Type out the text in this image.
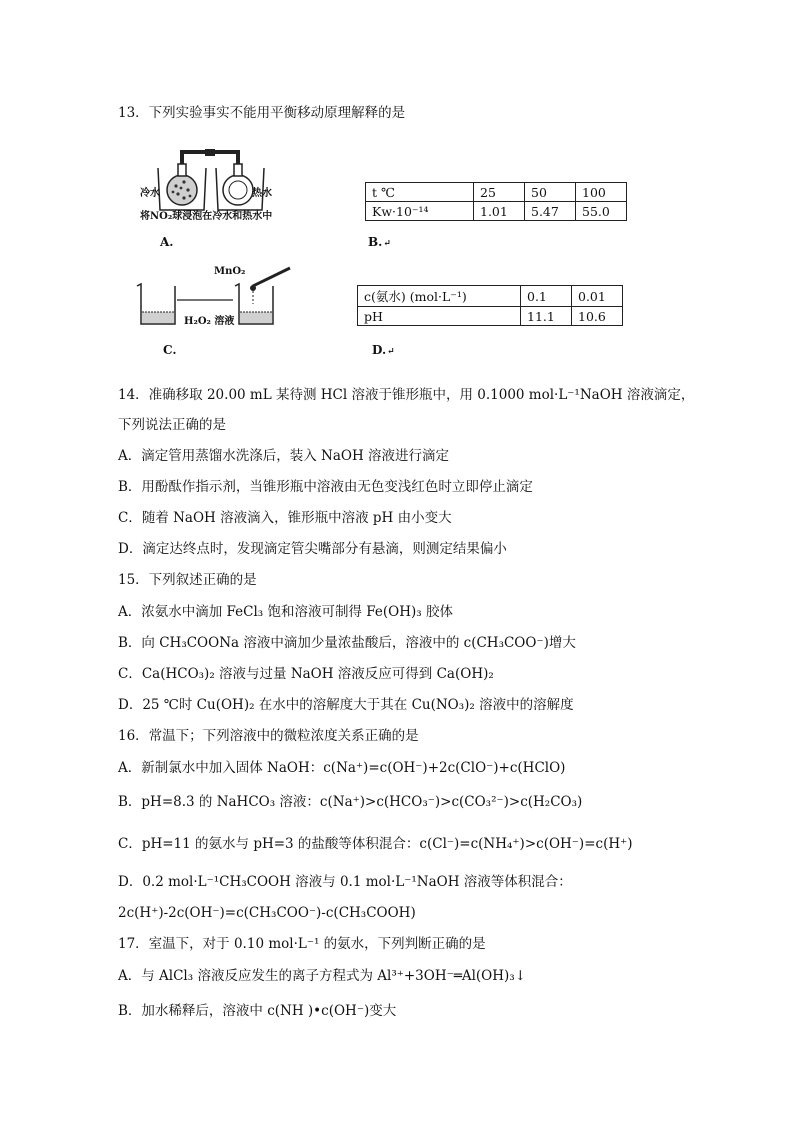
13．下列实验事实不能用平衡移动原理解释的是
冷水	热水
将NO₂球浸泡在冷水和热水中
A.
t ℃	25	50	100
Kw·10⁻¹⁴	1.01	5.47	55.0
B.↵
MnO₂
H₂O₂ 溶液
C.
c(氨水) (mol·L⁻¹)	0.1	0.01
pH	11.1	10.6
D.↵
14．准确移取 20.00 mL 某待测 HCl 溶液于锥形瓶中，用 0.1000 mol·L⁻¹NaOH 溶液滴定，
下列说法正确的是
A．滴定管用蒸馏水洗涤后，装入 NaOH 溶液进行滴定
B．用酚酞作指示剂，当锥形瓶中溶液由无色变浅红色时立即停止滴定
C．随着 NaOH 溶液滴入，锥形瓶中溶液 pH 由小变大
D．滴定达终点时，发现滴定管尖嘴部分有悬滴，则测定结果偏小
15．下列叙述正确的是
A．浓氨水中滴加 FeCl₃ 饱和溶液可制得 Fe(OH)₃ 胶体
B．向 CH₃COONa 溶液中滴加少量浓盐酸后，溶液中的 c(CH₃COO⁻)增大
C．Ca(HCO₃)₂ 溶液与过量 NaOH 溶液反应可得到 Ca(OH)₂
D．25 ℃时 Cu(OH)₂ 在水中的溶解度大于其在 Cu(NO₃)₂ 溶液中的溶解度
16．常温下；下列溶液中的微粒浓度关系正确的是
A．新制氯水中加入固体 NaOH：c(Na⁺)=c(OH⁻)+2c(ClO⁻)+c(HClO)
B．pH=8.3 的 NaHCO₃ 溶液：c(Na⁺)>c(HCO₃⁻)>c(CO₃²⁻)>c(H₂CO₃)
C．pH=11 的氨水与 pH=3 的盐酸等体积混合：c(Cl⁻)=c(NH₄⁺)>c(OH⁻)=c(H⁺)
D．0.2 mol·L⁻¹CH₃COOH 溶液与 0.1 mol·L⁻¹NaOH 溶液等体积混合：
2c(H⁺)-2c(OH⁻)=c(CH₃COO⁻)-c(CH₃COOH)
17．室温下，对于 0.10 mol·L⁻¹ 的氨水，下列判断正确的是
A．与 AlCl₃ 溶液反应发生的离子方程式为 Al³⁺+3OH⁻═Al(OH)₃↓
B．加水稀释后，溶液中 c(NH )•c(OH⁻)变大
